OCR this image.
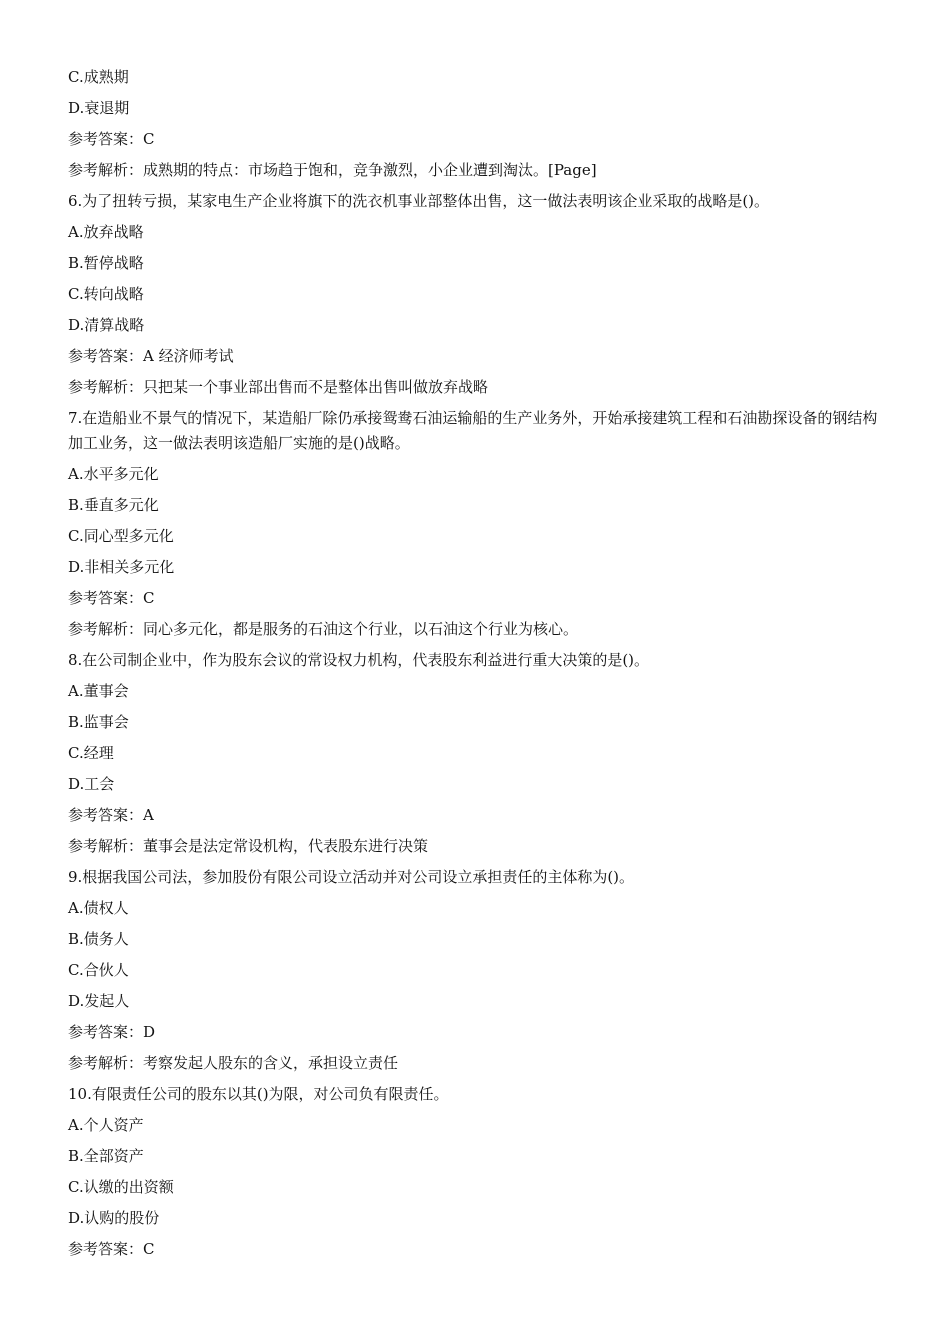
C.成熟期
D.衰退期
参考答案：C
参考解析：成熟期的特点：市场趋于饱和，竞争激烈，小企业遭到淘汰。[Page]
6.为了扭转亏损，某家电生产企业将旗下的洗衣机事业部整体出售，这一做法表明该企业采取的战略是()。
A.放弃战略
B.暂停战略
C.转向战略
D.清算战略
参考答案：A 经济师考试
参考解析：只把某一个事业部出售而不是整体出售叫做放弃战略
7.在造船业不景气的情况下，某造船厂除仍承接鸳鸯石油运输船的生产业务外，开始承接建筑工程和石油勘探设备的钢结构加工业务，这一做法表明该造船厂实施的是()战略。
A.水平多元化
B.垂直多元化
C.同心型多元化
D.非相关多元化
参考答案：C
参考解析：同心多元化，都是服务的石油这个行业，以石油这个行业为核心。
8.在公司制企业中，作为股东会议的常设权力机构，代表股东利益进行重大决策的是()。
A.董事会
B.监事会
C.经理
D.工会
参考答案：A
参考解析：董事会是法定常设机构，代表股东进行决策
9.根据我国公司法，参加股份有限公司设立活动并对公司设立承担责任的主体称为()。
A.债权人
B.债务人
C.合伙人
D.发起人
参考答案：D
参考解析：考察发起人股东的含义，承担设立责任
10.有限责任公司的股东以其()为限，对公司负有限责任。
A.个人资产
B.全部资产
C.认缴的出资额
D.认购的股份
参考答案：C
